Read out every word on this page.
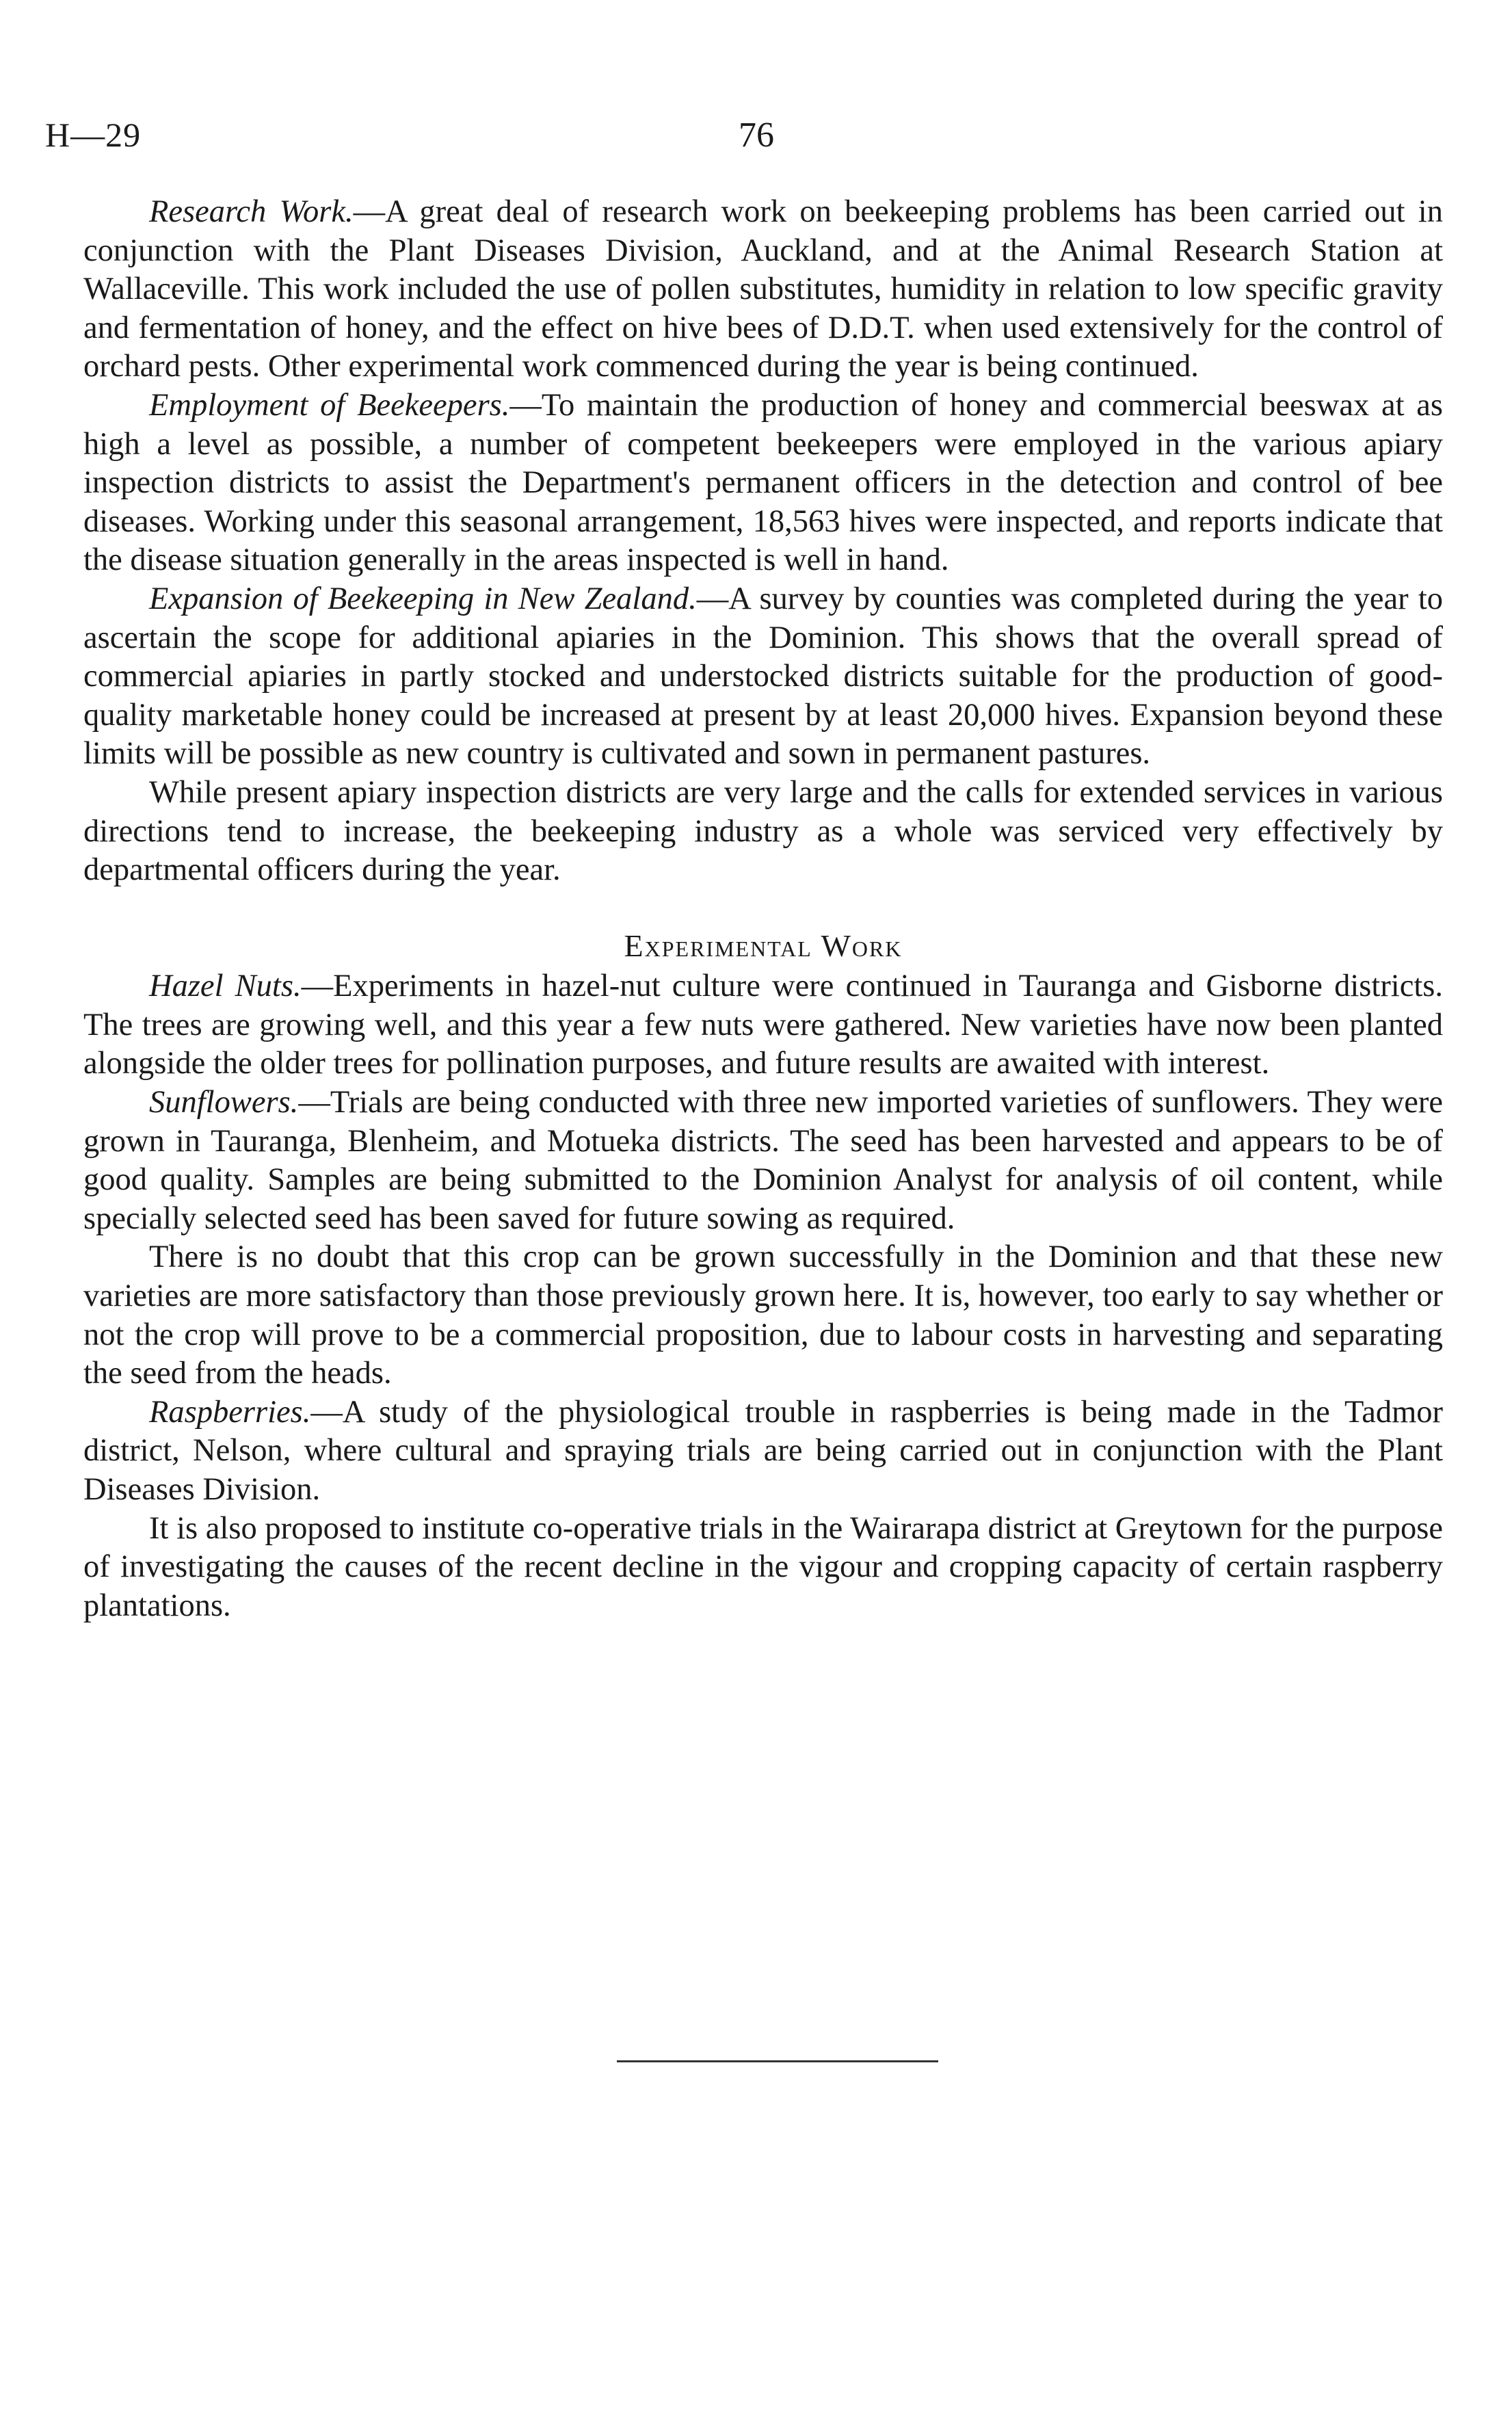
H—29	76

Research Work.—A great deal of research work on beekeeping problems has been carried out in conjunction with the Plant Diseases Division, Auckland, and at the Animal Research Station at Wallaceville. This work included the use of pollen substitutes, humidity in relation to low specific gravity and fermentation of honey, and the effect on hive bees of D.D.T. when used extensively for the control of orchard pests. Other experimental work commenced during the year is being continued.

Employment of Beekeepers.—To maintain the production of honey and commercial beeswax at as high a level as possible, a number of competent beekeepers were employed in the various apiary inspection districts to assist the Department's permanent officers in the detection and control of bee diseases. Working under this seasonal arrangement, 18,563 hives were inspected, and reports indicate that the disease situation generally in the areas inspected is well in hand.

Expansion of Beekeeping in New Zealand.—A survey by counties was completed during the year to ascertain the scope for additional apiaries in the Dominion. This shows that the overall spread of commercial apiaries in partly stocked and understocked districts suitable for the production of good-quality marketable honey could be increased at present by at least 20,000 hives. Expansion beyond these limits will be possible as new country is cultivated and sown in permanent pastures.

While present apiary inspection districts are very large and the calls for extended services in various directions tend to increase, the beekeeping industry as a whole was serviced very effectively by departmental officers during the year.

Experimental Work

Hazel Nuts.—Experiments in hazel-nut culture were continued in Tauranga and Gisborne districts. The trees are growing well, and this year a few nuts were gathered. New varieties have now been planted alongside the older trees for pollination purposes, and future results are awaited with interest.

Sunflowers.—Trials are being conducted with three new imported varieties of sunflowers. They were grown in Tauranga, Blenheim, and Motueka districts. The seed has been harvested and appears to be of good quality. Samples are being submitted to the Dominion Analyst for analysis of oil content, while specially selected seed has been saved for future sowing as required.

There is no doubt that this crop can be grown successfully in the Dominion and that these new varieties are more satisfactory than those previously grown here. It is, however, too early to say whether or not the crop will prove to be a commercial proposition, due to labour costs in harvesting and separating the seed from the heads.

Raspberries.—A study of the physiological trouble in raspberries is being made in the Tadmor district, Nelson, where cultural and spraying trials are being carried out in conjunction with the Plant Diseases Division.

It is also proposed to institute co-operative trials in the Wairarapa district at Greytown for the purpose of investigating the causes of the recent decline in the vigour and cropping capacity of certain raspberry plantations.
